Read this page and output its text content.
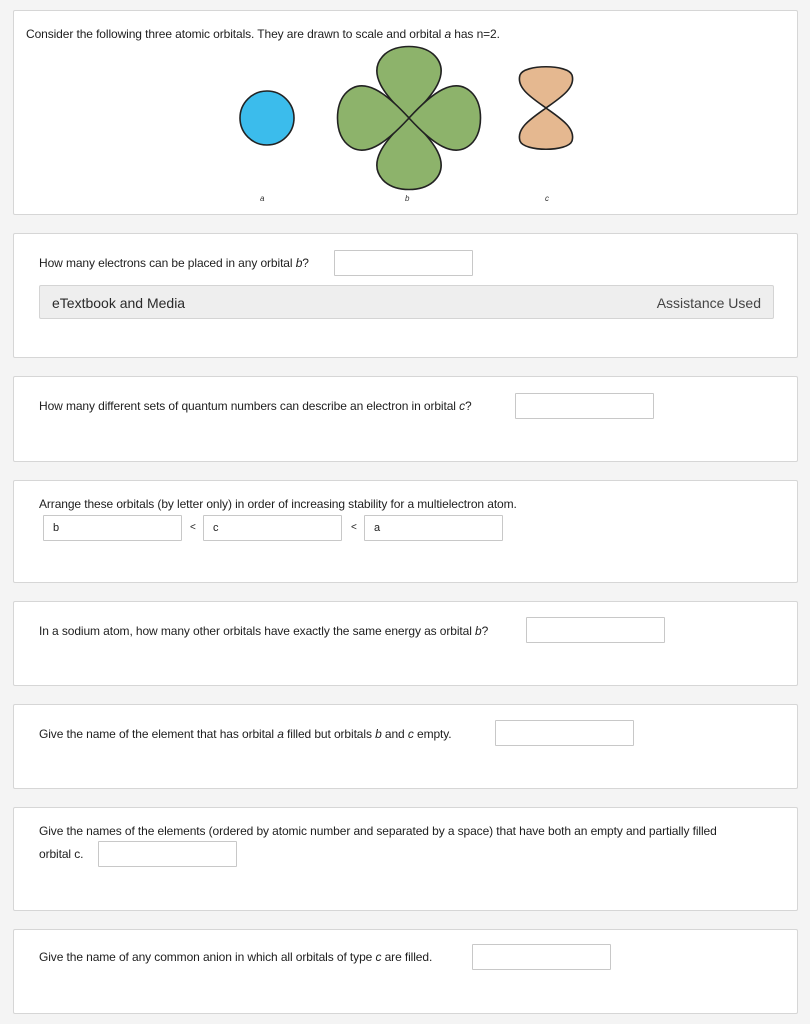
Consider the following three atomic orbitals. They are drawn to scale and orbital a has n=2.
a	b	c
How many electrons can be placed in any orbital b?
eTextbook and Media	Assistance Used
How many different sets of quantum numbers can describe an electron in orbital c?
Arrange these orbitals (by letter only) in order of increasing stability for a multielectron atom.
b
<
c	<
a
In a sodium atom, how many other orbitals have exactly the same energy as orbital b?
Give the name of the element that has orbital a filled but orbitals b and c empty.
Give the names of the elements (ordered by atomic number and separated by a space) that have both an empty and partially filled
orbital c.
Give the name of any common anion in which all orbitals of type c are filled.
